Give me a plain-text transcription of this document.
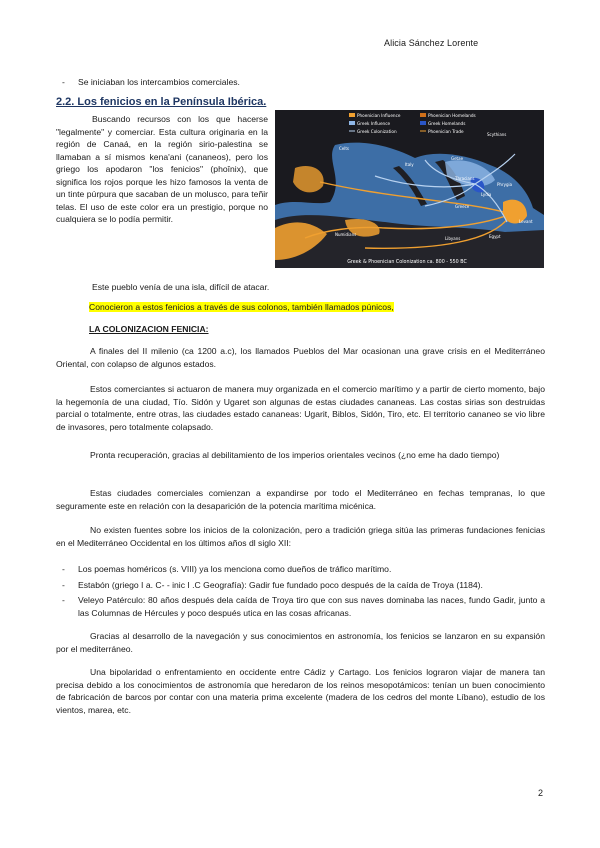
Alicia Sánchez Lorente
- Se iniciaban los intercambios comerciales.
2.2. Los fenicios en la Península Ibérica.
Buscando recursos con los que hacerse "legalmente" y comerciar. Esta cultura originaria en la región de Canaá, en la región sirio-palestina se llamaban a sí mismos kena'ani (cananeos), pero los griego los apodaron "los fenicios" (phoînix), que significa los rojos porque les hizo famosos la venta de un tinte púrpura que sacaban de un molusco, para teñir telas. El uso de este color era un prestigio, porque no cualquiera se lo podía permitir.
Phoenician Influence	Phoenician Homelands
Greek Influence	Greek Homelands
Greek Colonization	Phoenician Trade
Scythians
Celts
Getae
Thracians
Italy
Phrygia
Lydia
Greece
Numidians
Libyans	Egypt
Levant
Greek & Phoenician Colonization ca. 800 - 550 BC
Este pueblo venía de una isla, difícil de atacar.
Conocieron a estos fenicios a través de sus colonos, también llamados púnicos,
LA COLONIZACION FENICIA:
A finales del II milenio (ca 1200 a.c), los llamados Pueblos del Mar ocasionan una grave crisis en el Mediterráneo Oriental, con colapso de algunos estados.
Estos comerciantes si actuaron de manera muy organizada en el comercio marítimo y a partir de cierto momento, bajo la hegemonía de una ciudad, Tío. Sidón y Ugaret son algunas de estas ciudades cananeas. Las costas sirias son destruidas parcial o totalmente, entre otras, las ciudades estado cananeas: Ugarit, Biblos, Sidón, Tiro, etc. El territorio cananeo se vio libre de invasores, pero totalmente colapsado.
Pronta recuperación, gracias al debilitamiento de los imperios orientales vecinos (¿no eme ha dado tiempo)
Estas ciudades comerciales comienzan a expandirse por todo el Mediterráneo en fechas tempranas, lo que seguramente este en relación con la desaparición de la potencia marítima micénica.
No existen fuentes sobre los inicios de la colonización, pero a tradición griega sitúa las primeras fundaciones fenicias en el Mediterráneo Occidental en los últimos años dl siglo XII:
- Los poemas homéricos (s. VIII) ya los menciona como dueños de tráfico marítimo.
- Estabón (griego I a. C- - inic I .C Geografía): Gadir fue fundado poco después de la caída de Troya (1184).
- Veleyo Patérculo: 80 años después dela caída de Troya tiro que con sus naves dominaba las naces, fundo Gadir, junto a las Columnas de Hércules y poco después utica en las cosas africanas.
Gracias al desarrollo de la navegación y sus conocimientos en astronomía, los fenicios se lanzaron en su expansión por el mediterráneo.
Una bipolaridad o enfrentamiento en occidente entre Cádiz y Cartago. Los fenicios lograron viajar de manera tan precisa debido a los conocimientos de astronomía que heredaron de los reinos mesopotámicos: tenían un buen conocimiento de fabricación de barcos por contar con una materia prima excelente (madera de los cedros del monte Líbano), estudio de los vientos, marea, etc.
2
